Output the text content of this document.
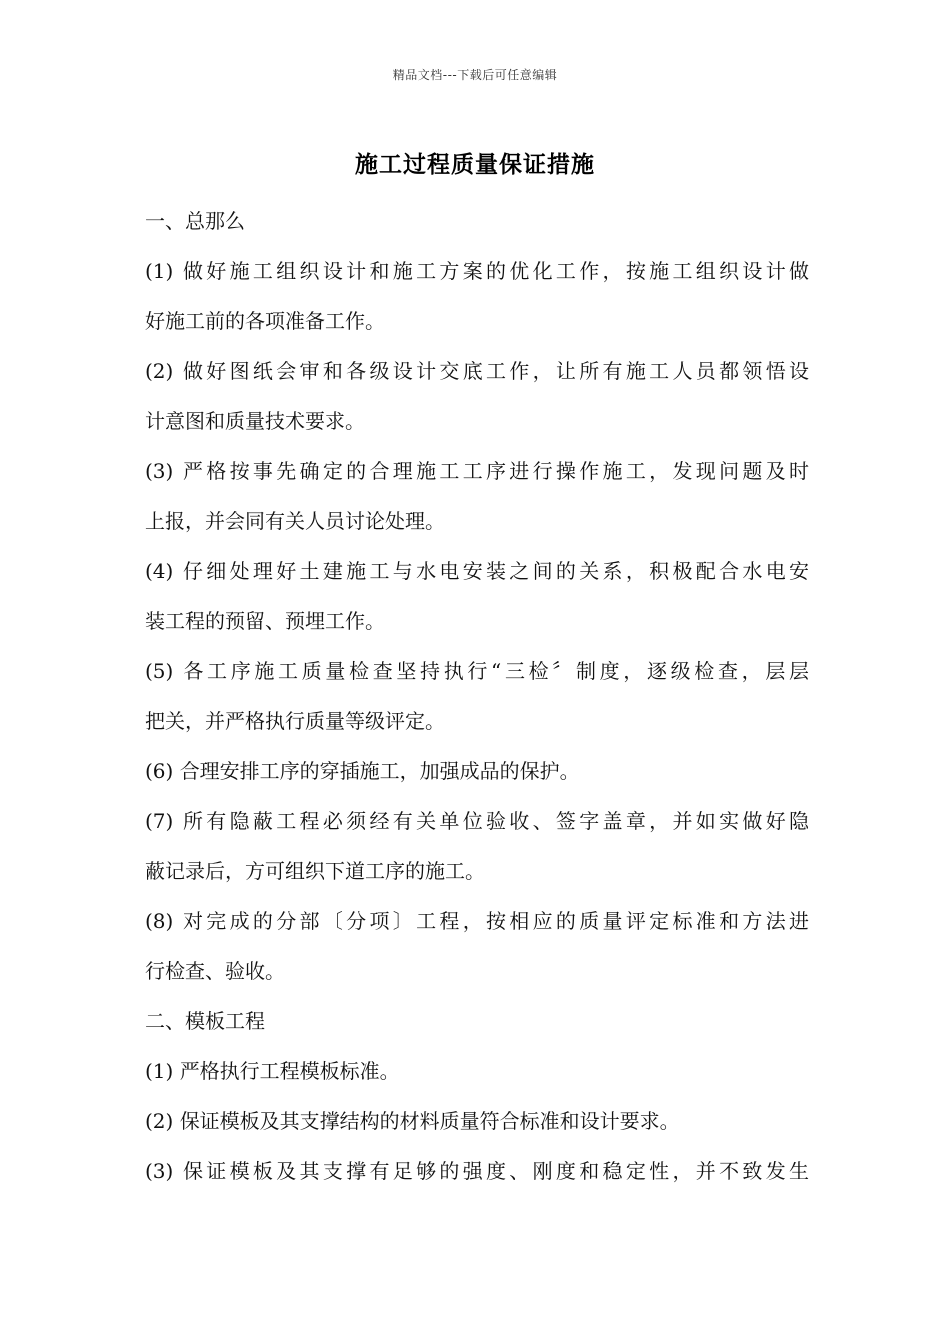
精品文档---下载后可任意编辑
施工过程质量保证措施
一、总那么
(1) 做好施工组织设计和施工方案的优化工作，按施工组织设计做
好施工前的各项准备工作。
(2) 做好图纸会审和各级设计交底工作，让所有施工人员都领悟设
计意图和质量技术要求。
(3) 严格按事先确定的合理施工工序进行操作施工，发现问题及时
上报，并会同有关人员讨论处理。
(4) 仔细处理好土建施工与水电安装之间的关系，积极配合水电安
装工程的预留、预埋工作。
(5) 各工序施工质量检查坚持执行“三检〞制度，逐级检查，层层
把关，并严格执行质量等级评定。
(6) 合理安排工序的穿插施工，加强成品的保护。
(7) 所有隐蔽工程必须经有关单位验收、签字盖章，并如实做好隐
蔽记录后，方可组织下道工序的施工。
(8) 对完成的分部〔分项〕工程，按相应的质量评定标准和方法进
行检查、验收。
二、模板工程
(1) 严格执行工程模板标准。
(2) 保证模板及其支撑结构的材料质量符合标准和设计要求。
(3) 保证模板及其支撑有足够的强度、刚度和稳定性，并不致发生
